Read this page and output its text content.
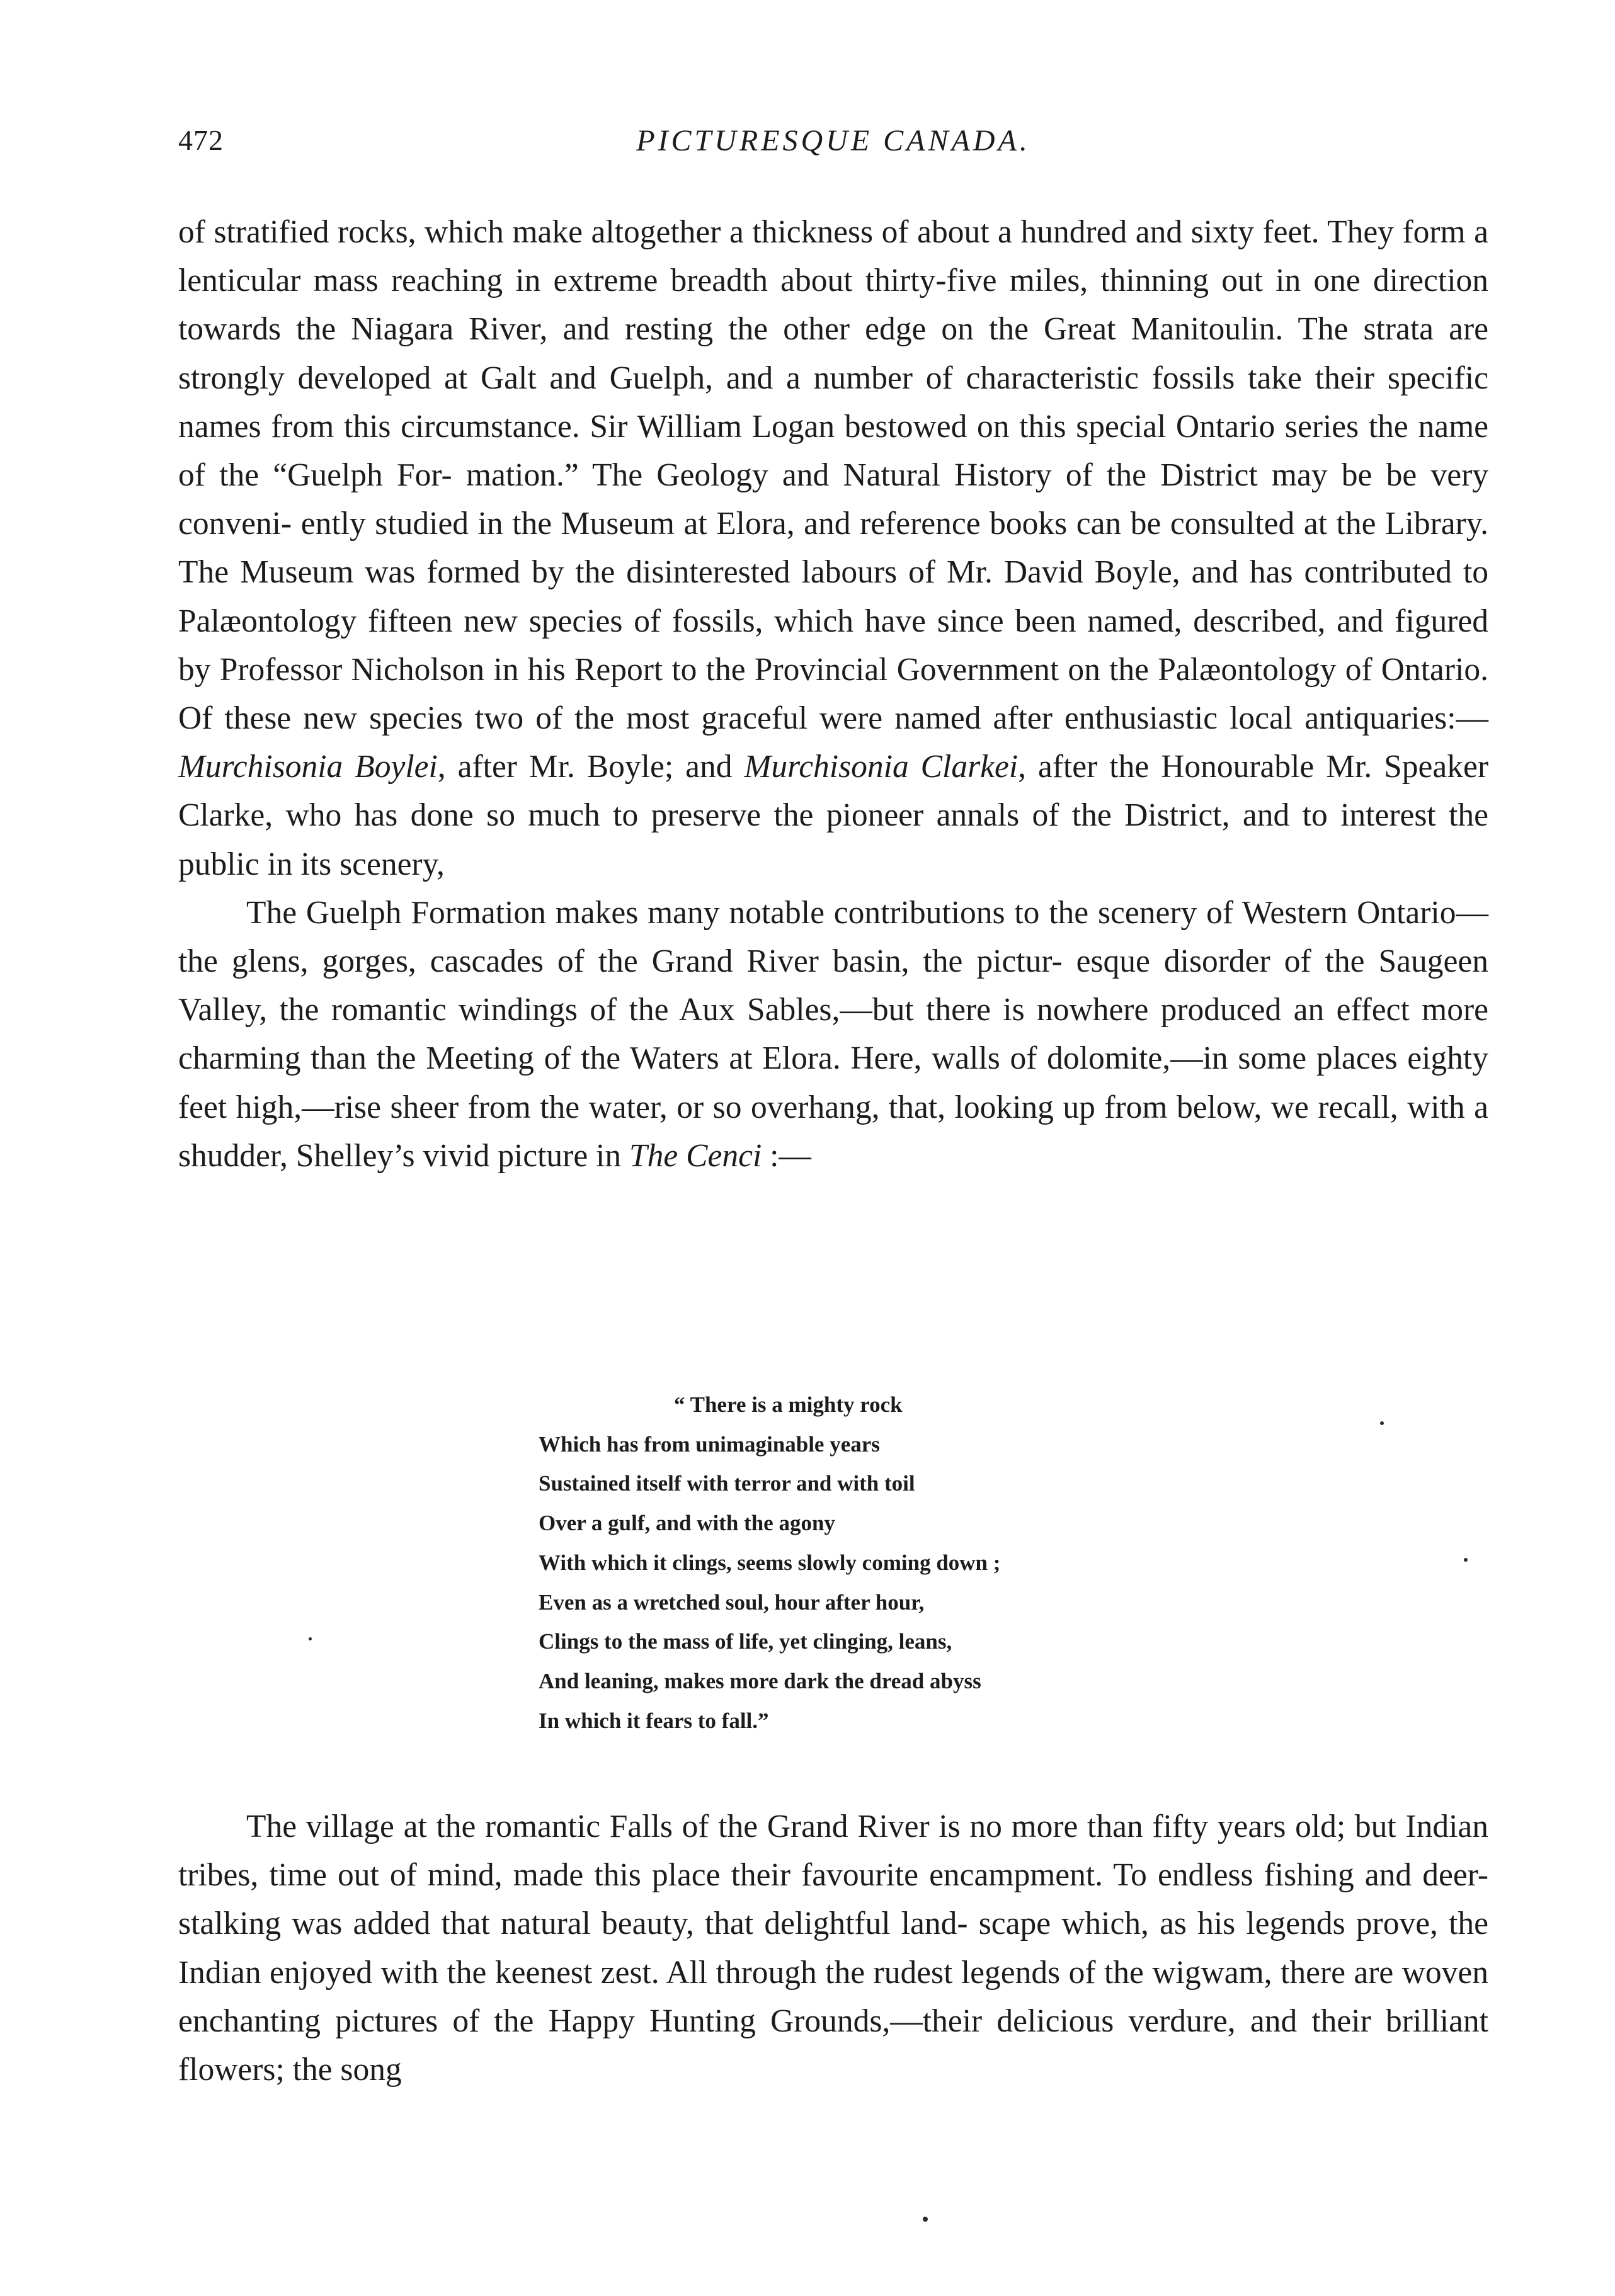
472	PICTURESQUE CANADA.

of stratified rocks, which make altogether a thickness of about a hundred and sixty feet. They form a lenticular mass reaching in extreme breadth about thirty-five miles, thinning out in one direction towards the Niagara River, and resting the other edge on the Great Manitoulin. The strata are strongly developed at Galt and Guelph, and a number of characteristic fossils take their specific names from this circumstance. Sir William Logan bestowed on this special Ontario series the name of the “Guelph For- mation.” The Geology and Natural History of the District may be be very conveni- ently studied in the Museum at Elora, and reference books can be consulted at the Library. The Museum was formed by the disinterested labours of Mr. David Boyle, and has contributed to Palæontology fifteen new species of fossils, which have since been named, described, and figured by Professor Nicholson in his Report to the Provincial Government on the Palæontology of Ontario. Of these new species two of the most graceful were named after enthusiastic local antiquaries:—Murchisonia Boylei, after Mr. Boyle; and Murchisonia Clarkei, after the Honourable Mr. Speaker Clarke, who has done so much to preserve the pioneer annals of the District, and to interest the public in its scenery,

The Guelph Formation makes many notable contributions to the scenery of Western Ontario—the glens, gorges, cascades of the Grand River basin, the pictur- esque disorder of the Saugeen Valley, the romantic windings of the Aux Sables,—but there is nowhere produced an effect more charming than the Meeting of the Waters at Elora. Here, walls of dolomite,—in some places eighty feet high,—rise sheer from the water, or so overhang, that, looking up from below, we recall, with a shudder, Shelley’s vivid picture in The Cenci :—

“ There is a mighty rock
Which has from unimaginable years
Sustained itself with terror and with toil
Over a gulf, and with the agony
With which it clings, seems slowly coming down ;
Even as a wretched soul, hour after hour,
Clings to the mass of life, yet clinging, leans,
And leaning, makes more dark the dread abyss
In which it fears to fall.”

The village at the romantic Falls of the Grand River is no more than fifty years old; but Indian tribes, time out of mind, made this place their favourite encampment. To endless fishing and deer-stalking was added that natural beauty, that delightful land- scape which, as his legends prove, the Indian enjoyed with the keenest zest. All through the rudest legends of the wigwam, there are woven enchanting pictures of the Happy Hunting Grounds,—their delicious verdure, and their brilliant flowers; the song
